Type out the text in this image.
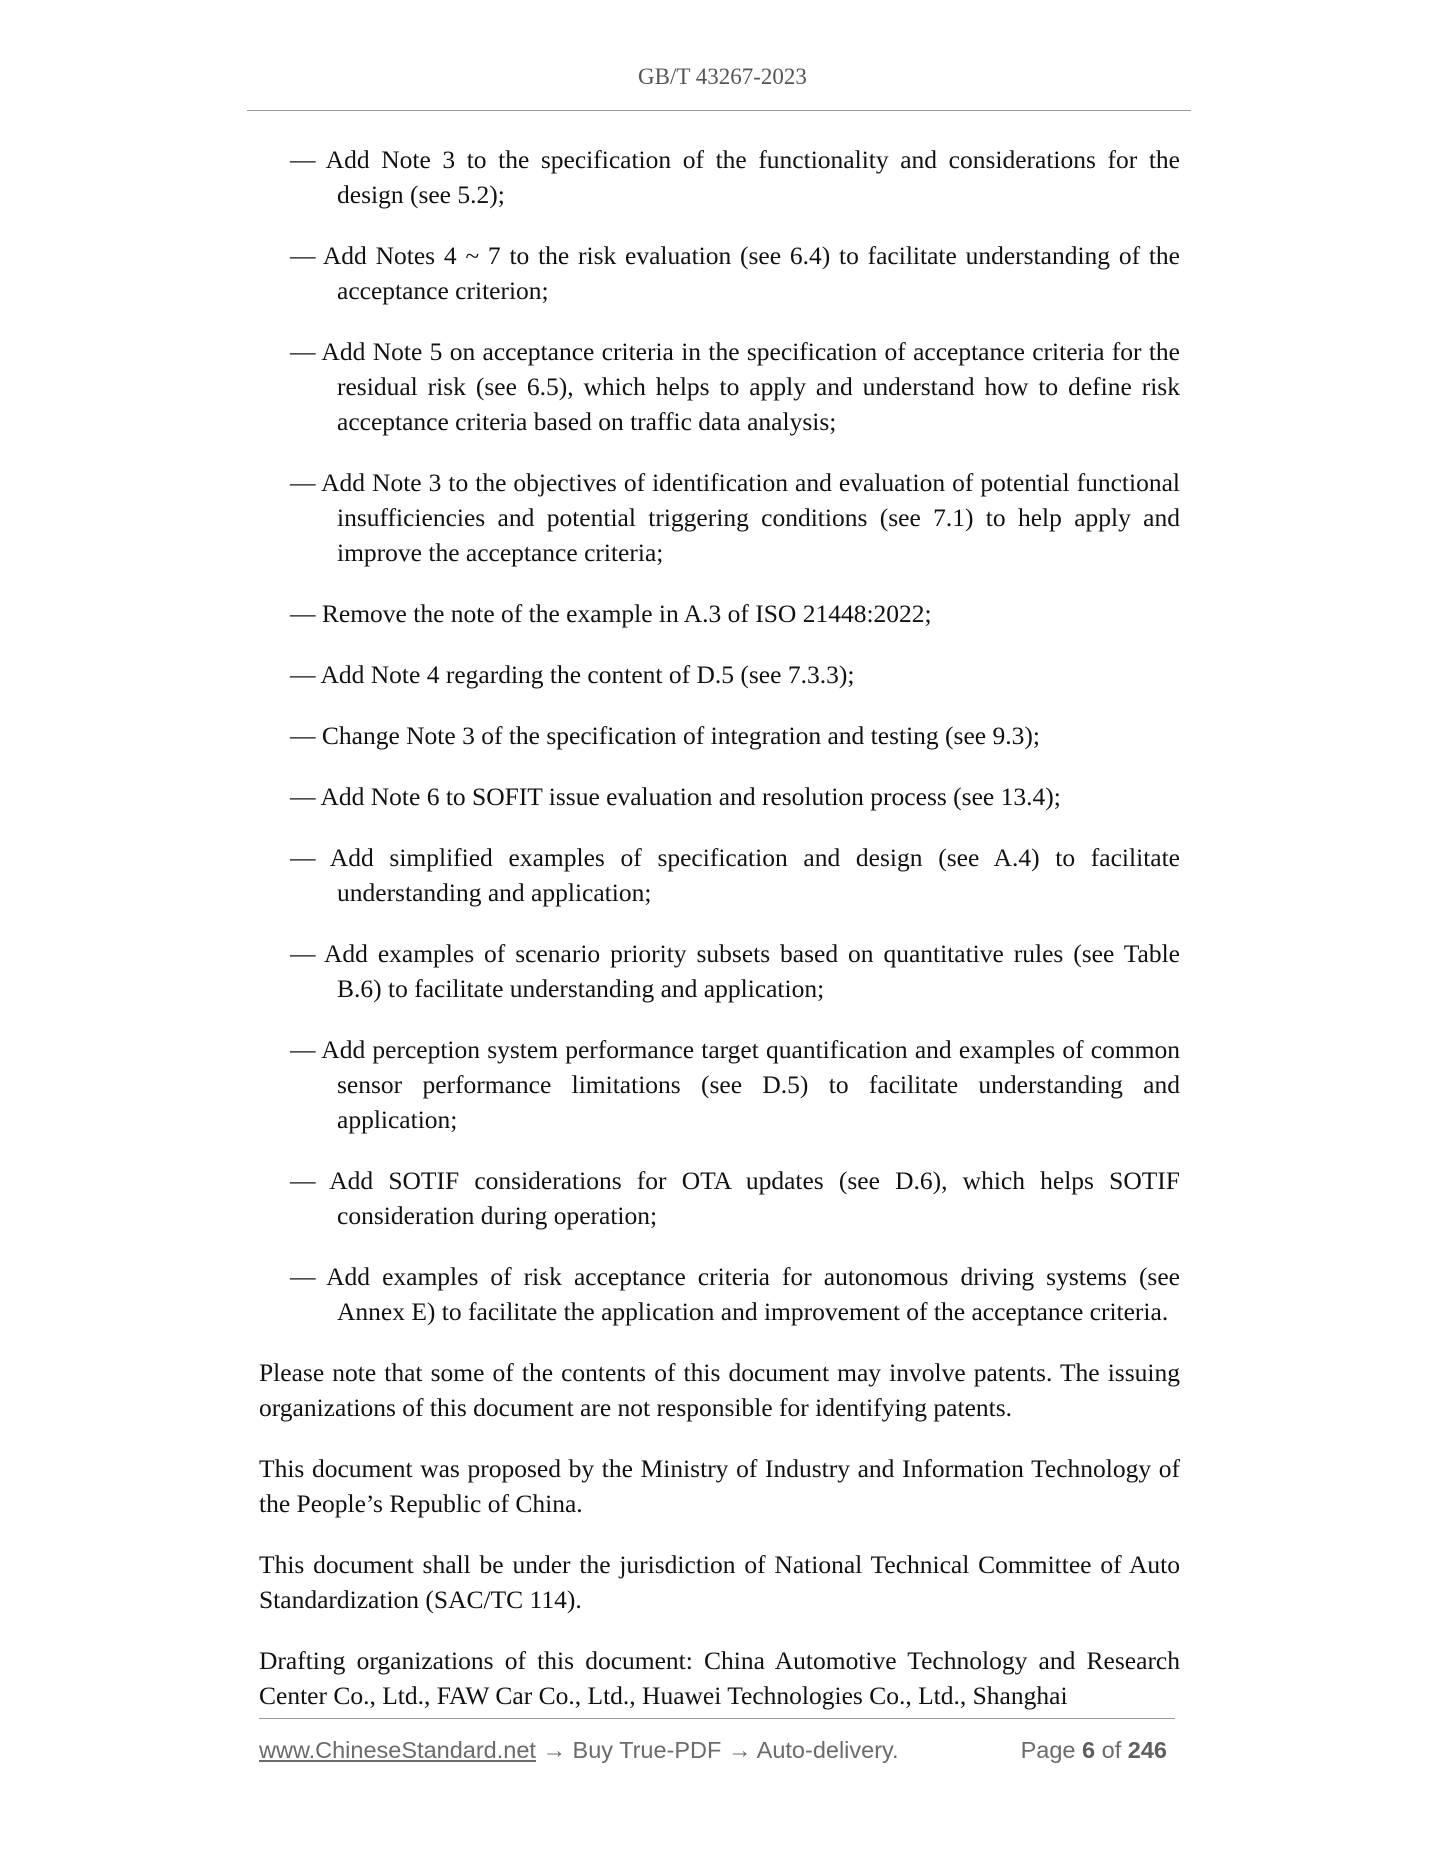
GB/T 43267-2023

— Add Note 3 to the specification of the functionality and considerations for the design (see 5.2);

— Add Notes 4 ~ 7 to the risk evaluation (see 6.4) to facilitate understanding of the acceptance criterion;

— Add Note 5 on acceptance criteria in the specification of acceptance criteria for the residual risk (see 6.5), which helps to apply and understand how to define risk acceptance criteria based on traffic data analysis;

— Add Note 3 to the objectives of identification and evaluation of potential functional insufficiencies and potential triggering conditions (see 7.1) to help apply and improve the acceptance criteria;

— Remove the note of the example in A.3 of ISO 21448:2022;

— Add Note 4 regarding the content of D.5 (see 7.3.3);

— Change Note 3 of the specification of integration and testing (see 9.3);

— Add Note 6 to SOFIT issue evaluation and resolution process (see 13.4);

— Add simplified examples of specification and design (see A.4) to facilitate understanding and application;

— Add examples of scenario priority subsets based on quantitative rules (see Table B.6) to facilitate understanding and application;

— Add perception system performance target quantification and examples of common sensor performance limitations (see D.5) to facilitate understanding and application;

— Add SOTIF considerations for OTA updates (see D.6), which helps SOTIF consideration during operation;

— Add examples of risk acceptance criteria for autonomous driving systems (see Annex E) to facilitate the application and improvement of the acceptance criteria.

Please note that some of the contents of this document may involve patents. The issuing organizations of this document are not responsible for identifying patents.

This document was proposed by the Ministry of Industry and Information Technology of the People’s Republic of China.

This document shall be under the jurisdiction of National Technical Committee of Auto Standardization (SAC/TC 114).

Drafting organizations of this document: China Automotive Technology and Research Center Co., Ltd., FAW Car Co., Ltd., Huawei Technologies Co., Ltd., Shanghai

www.ChineseStandard.net → Buy True-PDF → Auto-delivery.	Page 6 of 246
